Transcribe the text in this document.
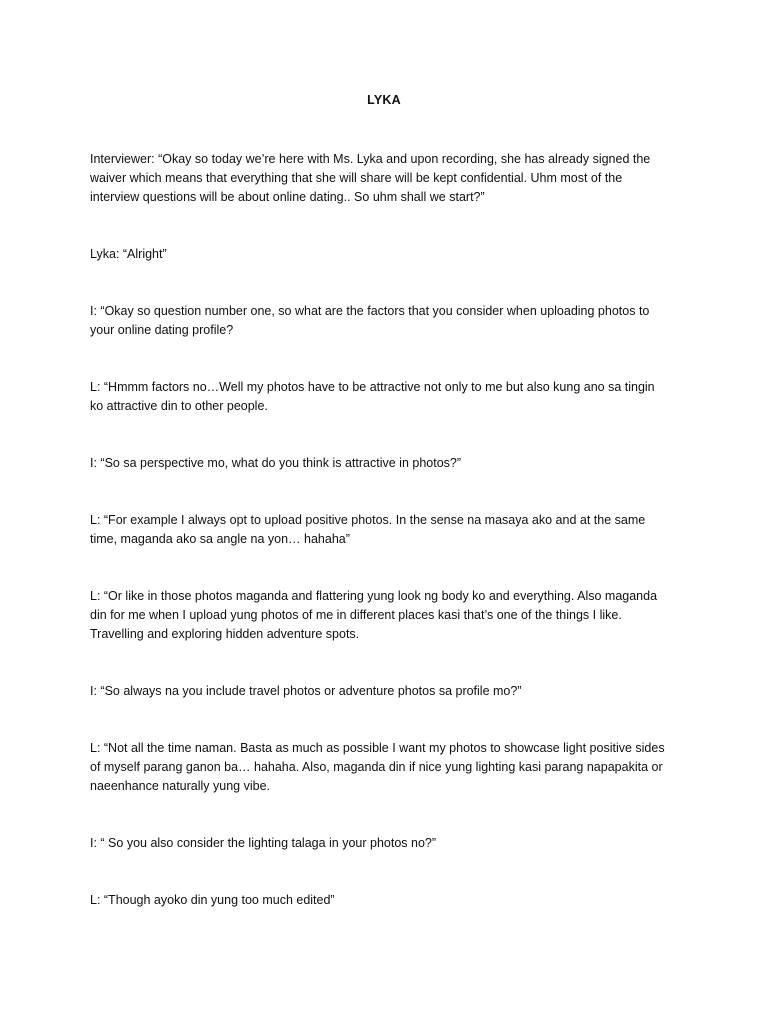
LYKA

Interviewer: “Okay so today we’re here with Ms. Lyka and upon recording, she has already signed the
waiver which means that everything that she will share will be kept confidential. Uhm most of the
interview questions will be about online dating.. So uhm shall we start?”

Lyka: “Alright”

I: “Okay so question number one, so what are the factors that you consider when uploading photos to
your online dating profile?

L: “Hmmm factors no…Well my photos have to be attractive not only to me but also kung ano sa tingin
ko attractive din to other people.

I: “So sa perspective mo, what do you think is attractive in photos?”

L: “For example I always opt to upload positive photos. In the sense na masaya ako and at the same
time, maganda ako sa angle na yon… hahaha”

L: “Or like in those photos maganda and flattering yung look ng body ko and everything. Also maganda
din for me when I upload yung photos of me in different places kasi that’s one of the things I like.
Travelling and exploring hidden adventure spots.

I: “So always na you include travel photos or adventure photos sa profile mo?”

L: “Not all the time naman. Basta as much as possible I want my photos to showcase light positive sides
of myself parang ganon ba… hahaha. Also, maganda din if nice yung lighting kasi parang napapakita or
naeenhance naturally yung vibe.

I: “ So you also consider the lighting talaga in your photos no?”

L: “Though ayoko din yung too much edited”
